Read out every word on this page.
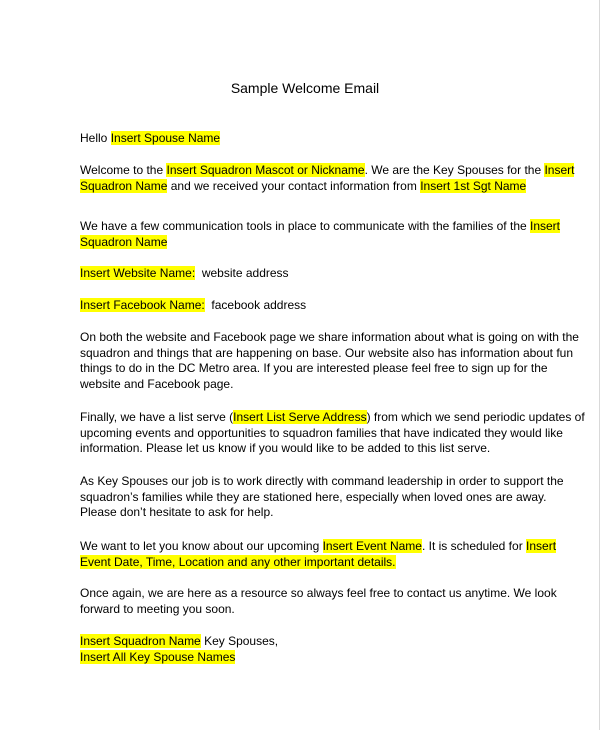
Sample Welcome Email
Hello Insert Spouse Name
Welcome to the Insert Squadron Mascot or Nickname. We are the Key Spouses for the Insert
Squadron Name and we received your contact information from Insert 1st Sgt Name
We have a few communication tools in place to communicate with the families of the Insert
Squadron Name
Insert Website Name:  website address
Insert Facebook Name:  facebook address
On both the website and Facebook page we share information about what is going on with the
squadron and things that are happening on base. Our website also has information about fun
things to do in the DC Metro area. If you are interested please feel free to sign up for the
website and Facebook page.
Finally, we have a list serve (Insert List Serve Address) from which we send periodic updates of
upcoming events and opportunities to squadron families that have indicated they would like
information. Please let us know if you would like to be added to this list serve.
As Key Spouses our job is to work directly with command leadership in order to support the
squadron’s families while they are stationed here, especially when loved ones are away.
Please don’t hesitate to ask for help.
We want to let you know about our upcoming Insert Event Name. It is scheduled for Insert
Event Date, Time, Location and any other important details.
Once again, we are here as a resource so always feel free to contact us anytime. We look
forward to meeting you soon.
Insert Squadron Name Key Spouses,
Insert All Key Spouse Names
